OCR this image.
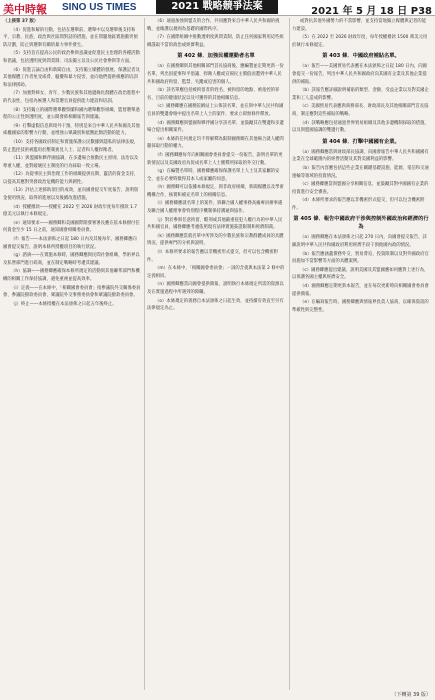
美中時報 SINO US TIMES	2021 戰略競爭法案	2021 年 5 月 18 日 P38

（上接第 37 版）

（4）促進和解的行動，包括在選舉前、選舉中以及選舉後支持和平、宗教、民族、政治與社區間對話的措施，並在問題地區實施衝突預防計劃，防止與選舉有關的暴力事件發生。

（5）支持旨在提高公民的政治參與意識並促進民主治理的各種活動和倡議，包括透明度與問責制、司法獨立以及公民社會參與等方面。

（6）促進言論自由和新聞自由，支持獨立媒體的發展，保護記者及其他媒體工作者免受威脅、騷擾和暴力侵害，並向他們提供相應的培訓和法律援助。

（7）加強對婦女、青年、少數民族和其他邊緣化群體在政治進程中的代表性，包括為候選人和當選官員提供能力建設和培訓。

（8）支持獨立的國際選舉觀察團和國內選舉觀察組織，監督選舉過程的公正性與透明度，並公開發佈相關報告與建議。

（9）打擊虛假信息與境外干預，特別是來自中華人民共和國及其他威權國家的影響力行動，並增強公眾識別和抵禦此類活動的能力。

（10）支持各國政府制定和實施保護公民數據與隱私的法律法規，防止監控技術被濫用於壓制異見人士、記者和人權捍衛者。

（11）與盟國和夥伴國協調，在多邊場合推動民主原則、法治以及尊重人權，並對破壞民主制度的行為採取一致立場。

（12）為從事民主與治理工作的組織提供長期、靈活的資金支持，以提高其應對突發政治危機的能力與韌性。

（13）評估上述援助項目的成效，並向國會提交年度報告，說明資金使用情況、取得的進展以及後續改進措施。

（d）授權撥款——授權在 2022 至 2026 財政年度每年撥款 1.7 億美元以執行本條規定。

（e）通知要求——國務卿和美國國際開發署署長應在依本條撥付任何資金至少 15 日之前，通知國會相關委員會。

（f）報告——本法頒佈之日起 180 日內及其後每年，國務卿應向國會提交報告，說明本條所授權項目的執行狀況。

（g）諮詢——在實施本條時，國務卿應與民間社會組織、學術界以及私營部門進行磋商，並在制定戰略時考慮其建議。

（h）協調——國務卿應確保本條所規定的活動與其他聯邦部門和機構的相關工作保持協調，避免重複並提高效率。

（i）定義——在本條中，「相關國會委員會」指參議院外交關係委員會、參議院撥款委員會、眾議院外交事務委員會和眾議院撥款委員會。

（j）終止——本條授權在本法頒佈之日起五年後終止。

（6）通過加強與盟友的合作，共同應對來自中華人民共和國的挑戰，並維護以規則為基礎的國際秩序。

（7）在國際組織中推動透明度與問責制，防止任何國家利用這些組織謀取不當的政治或經濟利益。

第 402 條．加強民權運動者名單

（a）在國務卿與其他相關部門首長協商後，應編製並定期更新一份名單，列出因從事和平倡議、捍衛人權或宣揚民主價值而遭到中華人民共和國政府拘留、監禁、失蹤或迫害的個人。

（b）該名單應包括被拘留者的姓名、被拘留的地點、被指控的罪名、目前的健康狀況以及可獲得的其他相關信息。

（c）國務卿應在國務院網站上公佈該名單，並在與中華人民共和國官員的雙邊會晤中提出名單上人士的案件，要求立即無條件釋放。

（d）國務卿應與盟國和夥伴國分享該名單，並鼓勵其在雙邊和多邊場合提出相關案件。

（e）本條的任何規定均不得解釋為限制國務卿在其他場合就人權問題採取行動的權力。

（f）國務卿應每年向相關國會委員會提交一份報告，說明名單的更新情況以及美國政府為促成名單上人士獲釋所採取的外交行動。

（g）在編製名單時，國務卿應確保保護名單上人士及其家屬的安全，並在必要時徵得其本人或家屬的同意。

（h）國務卿可以依據本條規定，與非政府組織、新聞媒體以及學術機構合作，核實和補充名單上的相關信息。

（i）國務卿應就名單上的案件，與聯合國人權事務高級專員辦事處及聯合國人權理事會特別程序機制保持溝通與協作。

（j）對於參與任意拘留、酷刑或其他嚴重侵犯人權行為的中華人民共和國官員，國務卿應考慮依照現有法律實施簽證限制和經濟制裁。

（k）國務卿應當就名單中所涉及的少數民族和宗教群體成員的具體情況，提供專門的分析與說明。

（l）本條所要求的報告應以非機密形式提交，但可以包含機密附件。

（m）在本條中，「相關國會委員會」一詞的含義與本法第 2 條中的定義相同。

（n）國務卿應當向國會提供簡報，說明執行本條規定所需的資源以及在實施過程中所遇到的障礙。

（o）本條規定的義務自本法頒佈之日起生效，並持續有效直至另有法律規定為止。

或對抗其他外國勢力的不當影響，並支持當地獨立媒體與記者的能力建設。

（5）在 2022 至 2026 財政年度，每年授權撥款 1500 萬美元用於執行本條規定。

第 403 條．中國政府補貼名單。

（a）報告——美國貿易代表應在本法頒佈之日起 180 日內，向國會提交一份報告，列出中華人民共和國政府向其國有企業及其他企業提供的補貼。

（b）該報告應詳細說明補貼的類型、金額、受益企業以及對美國企業和工人造成的影響。

（c）美國貿易代表應與商務部長、財政部長及其他相關部門首長協商，制定應對這些補貼的戰略。

（d）該戰略應包括通過世界貿易組織及其他多邊機制採取的措施，以及與盟國協調的雙邊行動。

第 404 條．打擊中國國有企業。

（a）國務卿應當與財政部長協調，向國會報告中華人民共和國國有企業在全球範圍內的經營活動及其對美國利益的影響。

（b）報告內容應包括這些企業在關鍵基礎設施、能源、電信和交通運輸等領域的投資情況。

（c）國務卿應當與盟國分享相關信息，並鼓勵其對中國國有企業的投資進行安全審查。

（d）本條所要求的報告應以非機密形式提交，但可以包含機密附件。

第 405 條．報告中國政府干涉與控制外國政治和經濟的行為

（a）國務卿應在本法頒佈之日起 270 日內，向國會提交報告，詳細說明中華人民共和國政府利用經濟手段干預他國內政的情況。

（b）報告應涵蓋債務外交、貿易脅迫、投資限制以及對外國政府官員施加不當影響等方面的具體案例。

（c）國務卿應提出建議，說明美國及其盟國應如何應對上述行為，以保護各國主權與經濟安全。

（d）國務卿應定期更新本報告，並在每次更新時向相關國會委員會提供簡報。

（e）在編寫報告時，國務卿應與情報界負責人協商，以確保資訊的準確性與完整性。

（下轉第 39 版）
